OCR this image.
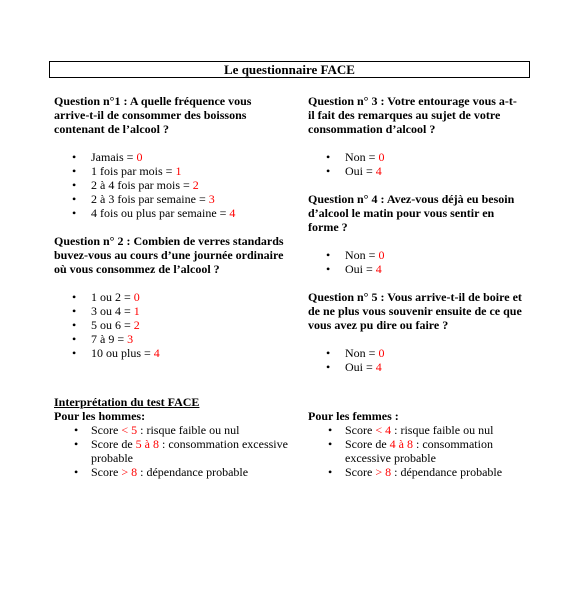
Le questionnaire FACE

Question n°1 : A quelle fréquence vous arrive-t-il de consommer des boissons contenant de l’alcool ?

• Jamais = 0
• 1 fois par mois = 1
• 2 à 4 fois par mois = 2
• 2 à 3 fois par semaine = 3
• 4 fois ou plus par semaine = 4

Question n° 2 : Combien de verres standards buvez-vous au cours d’une journée ordinaire où vous consommez de l’alcool ?

• 1 ou 2 = 0
• 3 ou 4 = 1
• 5 ou 6 = 2
• 7 à 9 = 3
• 10 ou plus = 4

Question n° 3 : Votre entourage vous a-t-il fait des remarques au sujet de votre consommation d’alcool ?

• Non = 0
• Oui = 4

Question n° 4 : Avez-vous déjà eu besoin d’alcool le matin pour vous sentir en forme ?

• Non = 0
• Oui = 4

Question n° 5 : Vous arrive-t-il de boire et de ne plus vous souvenir ensuite de ce que vous avez pu dire ou faire ?

• Non = 0
• Oui = 4

Interprétation du test FACE

Pour les hommes:

• Score < 5 : risque faible ou nul
• Score de 5 à 8 : consommation excessive probable
• Score > 8 : dépendance probable

Pour les femmes :

• Score < 4 : risque faible ou nul
• Score de 4 à 8 : consommation excessive probable
• Score > 8 : dépendance probable
